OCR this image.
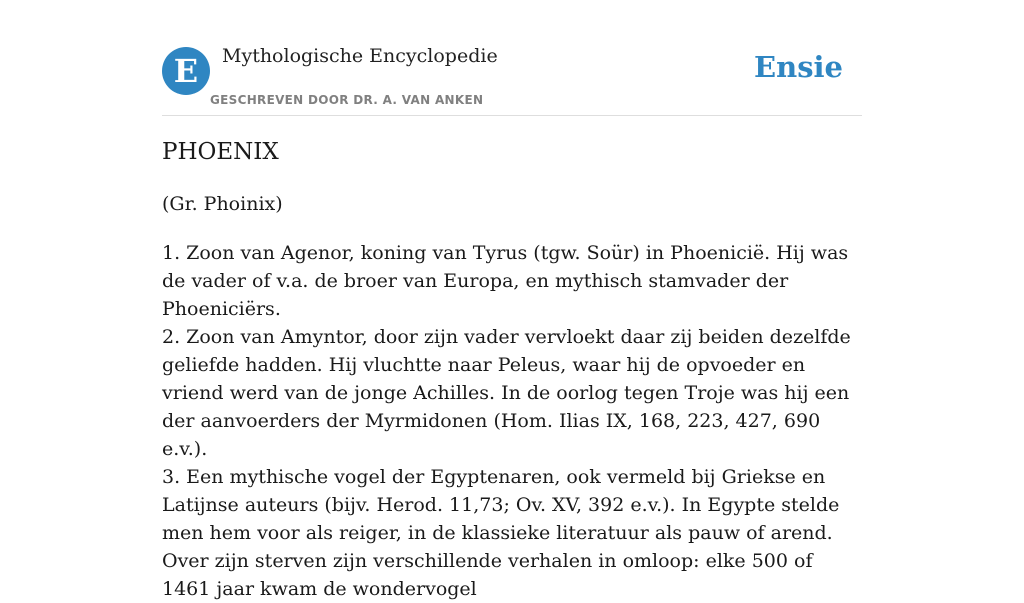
E	Mythologische Encyclopedie
GESCHREVEN DOOR DR. A. VAN ANKEN
Ensie
PHOENIX
(Gr. Phoinix)

1. Zoon van Agenor, koning van Tyrus (tgw. Soür) in Phoenicië. Hij was de vader of v.a. de broer van Europa, en mythisch stamvader der Phoeniciërs.

2. Zoon van Amyntor, door zijn vader vervloekt daar zij beiden dezelfde geliefde hadden. Hij vluchtte naar Peleus, waar hij de opvoeder en vriend werd van de jonge Achilles. In de oorlog tegen Troje was hij een der aanvoerders der Myrmidonen (Hom. Ilias IX, 168, 223, 427, 690 e.v.).

3. Een mythische vogel der Egyptenaren, ook vermeld bij Griekse en Latijnse auteurs (bijv. Herod. 11,73; Ov. XV, 392 e.v.). In Egypte stelde men hem voor als reiger, in de klassieke literatuur als pauw of arend. Over zijn sterven zijn verschillende verhalen in omloop: elke 500 of 1461 jaar kwam de wondervogel
